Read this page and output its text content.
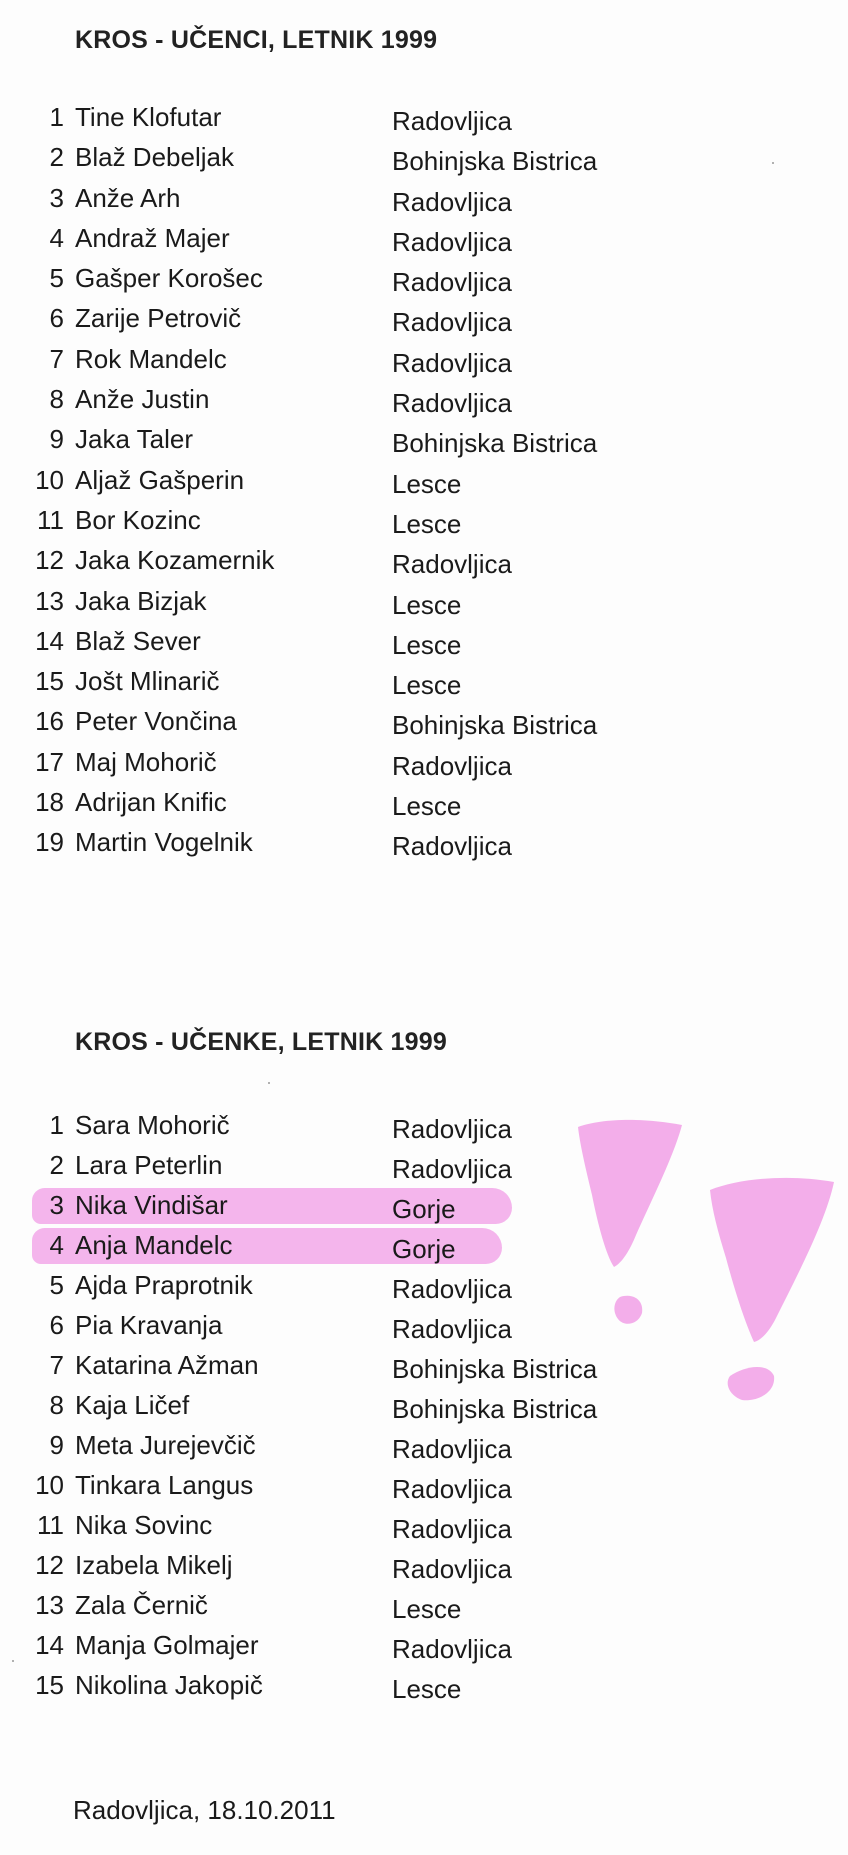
KROS - UČENCI, LETNIK 1999
1 Tine Klofutar	Radovljica
2 Blaž Debeljak	Bohinjska Bistrica
3 Anže Arh	Radovljica
4 Andraž Majer	Radovljica
5 Gašper Korošec	Radovljica
6 Zarije Petrovič	Radovljica
7 Rok Mandelc	Radovljica
8 Anže Justin	Radovljica
9 Jaka Taler	Bohinjska Bistrica
10 Aljaž Gašperin	Lesce
11 Bor Kozinc	Lesce
12 Jaka Kozamernik	Radovljica
13 Jaka Bizjak	Lesce
14 Blaž Sever	Lesce
15 Jošt Mlinarič	Lesce
16 Peter Vončina	Bohinjska Bistrica
17 Maj Mohorič	Radovljica
18 Adrijan Knific	Lesce
19 Martin Vogelnik	Radovljica
KROS - UČENKE, LETNIK 1999
1 Sara Mohorič	Radovljica
2 Lara Peterlin	Radovljica
3 Nika Vindišar	Gorje
4 Anja Mandelc	Gorje
5 Ajda Praprotnik	Radovljica
6 Pia Kravanja	Radovljica
7 Katarina Ažman	Bohinjska Bistrica
8 Kaja Ličef	Bohinjska Bistrica
9 Meta Jurejevčič	Radovljica
10 Tinkara Langus	Radovljica
11 Nika Sovinc	Radovljica
12 Izabela Mikelj	Radovljica
13 Zala Černič	Lesce
14 Manja Golmajer	Radovljica
15 Nikolina Jakopič	Lesce
Radovljica, 18.10.2011
